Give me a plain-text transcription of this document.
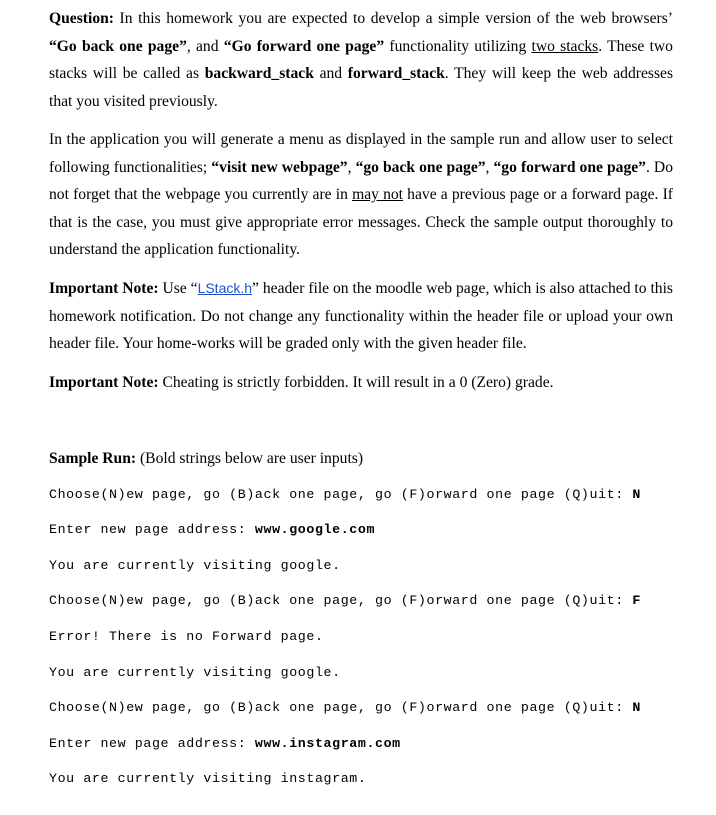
Question: In this homework you are expected to develop a simple version of the web browsers’ “Go back one page”, and “Go forward one page” functionality utilizing two stacks. These two stacks will be called as backward_stack and forward_stack. They will keep the web addresses that you visited previously.

In the application you will generate a menu as displayed in the sample run and allow user to select following functionalities; “visit new webpage”, “go back one page”, “go forward one page”. Do not forget that the webpage you currently are in may not have a previous page or a forward page. If that is the case, you must give appropriate error messages. Check the sample output thoroughly to understand the application functionality.

Important Note: Use “LStack.h” header file on the moodle web page, which is also attached to this homework notification. Do not change any functionality within the header file or upload your own header file. Your home-works will be graded only with the given header file.

Important Note: Cheating is strictly forbidden. It will result in a 0 (Zero) grade.

Sample Run: (Bold strings below are user inputs)

Choose(N)ew page, go (B)ack one page, go (F)orward one page (Q)uit: N
Enter new page address: www.google.com
You are currently visiting google.
Choose(N)ew page, go (B)ack one page, go (F)orward one page (Q)uit: F
Error! There is no Forward page.
You are currently visiting google.
Choose(N)ew page, go (B)ack one page, go (F)orward one page (Q)uit: N
Enter new page address: www.instagram.com
You are currently visiting instagram.
